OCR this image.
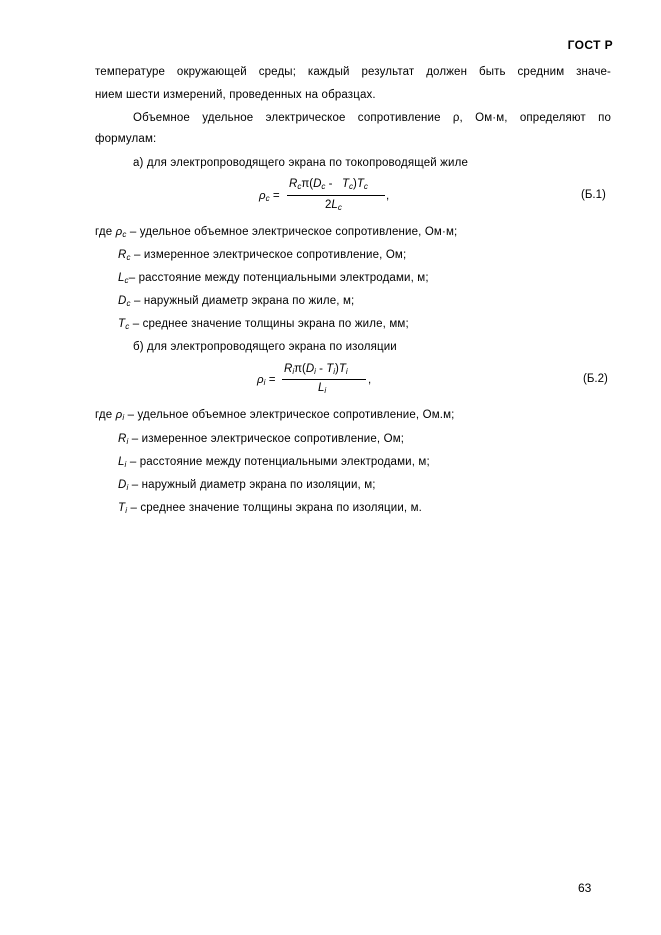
ГОСТ Р
температуре окружающей среды; каждый результат должен быть средним значе-
нием шести измерений, проведенных на образцах.
Объемное удельное электрическое сопротивление ρ, Ом·м, определяют по
формулам:
а) для электропроводящего экрана по токопроводящей жиле
$\rho_c$ =
$R_c\pi(D_c - T_c)T_c$
$2L_c$
,	(Б.1)
где $\rho_c$ – удельное объемное электрическое сопротивление, Ом·м;
$R_c$ – измеренное электрическое сопротивление, Ом;
$L_c-$ расстояние между потенциальными электродами, м;
$D_c$ – наружный диаметр экрана по жиле, м;
$T_c$ – среднее значение толщины экрана по жиле, мм;
б) для электропроводящего экрана по изоляции
$\rho_i$ =
$R_i\pi(D_i - T_i)T_i$
$L_i$
,	(Б.2)
где $\rho_i$ – удельное объемное электрическое сопротивление, Ом.м;
$R_i$ – измеренное электрическое сопротивление, Ом;
$L_i$ – расстояние между потенциальными электродами, м;
$D_i$ – наружный диаметр экрана по изоляции, м;
$T_i$ – среднее значение толщины экрана по изоляции, м.
63
